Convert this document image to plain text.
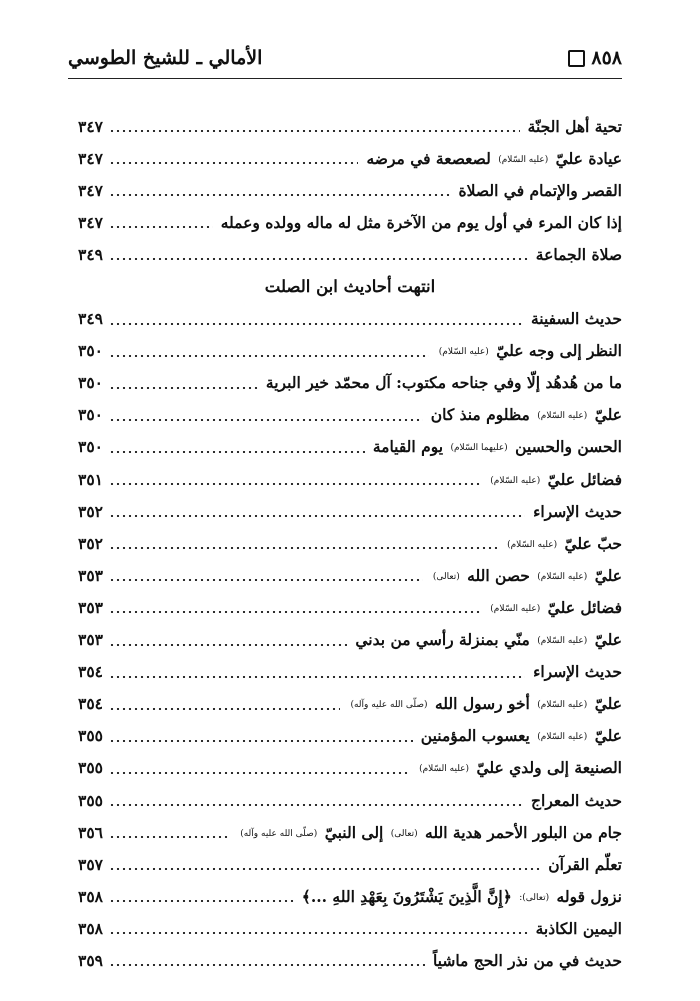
٨٥٨
الأمالي ـ للشيخ الطوسي
تحية أهل الجنّة
٣٤٧
عيادة عليّ (عليه السّلام) لصعصعة في مرضه
٣٤٧
القصر والإتمام في الصلاة
٣٤٧
إذا كان المرء في أول يوم من الآخرة مثل له ماله وولده وعمله
٣٤٧
صلاة الجماعة
٣٤٩
انتهت أحاديث ابن الصلت
حديث السفينة
٣٤٩
النظر إلى وجه عليّ (عليه السّلام)
٣٥٠
ما من هُدهُد إلّا وفي جناحه مكتوب: آل محمّد خير البرية
٣٥٠
عليّ (عليه السّلام) مظلوم منذ كان
٣٥٠
الحسن والحسين (عليهما السّلام) يوم القيامة
٣٥٠
فضائل عليّ (عليه السّلام)
٣٥١
حديث الإسراء
٣٥٢
حبّ عليّ (عليه السّلام)
٣٥٢
عليّ (عليه السّلام) حصن الله (تعالى)
٣٥٣
فضائل عليّ (عليه السّلام)
٣٥٣
عليّ (عليه السّلام) منّي بمنزلة رأسي من بدني
٣٥٣
حديث الإسراء
٣٥٤
عليّ (عليه السّلام) أخو رسول الله (صلّى الله عليه وآله)
٣٥٤
عليّ (عليه السّلام) يعسوب المؤمنين
٣٥٥
الصنيعة إلى ولدي عليّ (عليه السّلام)
٣٥٥
حديث المعراج
٣٥٥
جام من البلور الأحمر هدية الله (تعالى) إلى النبيّ (صلّى الله عليه وآله)
٣٥٦
تعلّم القرآن
٣٥٧
نزول قوله (تعالى): ﴿إِنَّ الَّذِينَ يَشْتَرُونَ بِعَهْدِ اللهِ ...﴾
٣٥٨
اليمين الكاذبة
٣٥٨
حديث في من نذر الحج ماشياً
٣٥٩
